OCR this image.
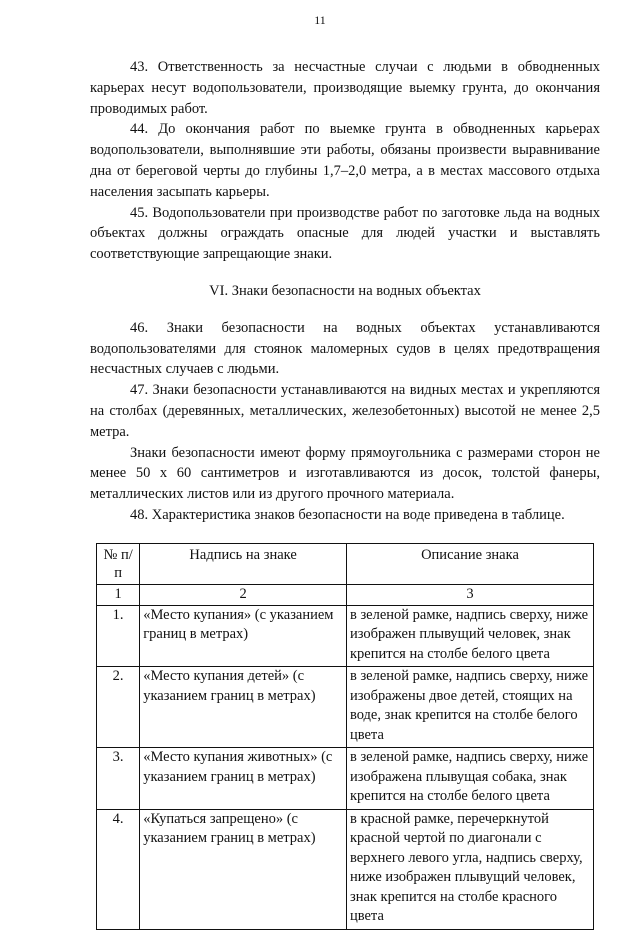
11

43. Ответственность за несчастные случаи с людьми в обводненных карьерах несут водопользователи, производящие выемку грунта, до окончания проводимых работ.

44. До окончания работ по выемке грунта в обводненных карьерах водопользователи, выполнявшие эти работы, обязаны произвести выравнивание дна от береговой черты до глубины 1,7–2,0 метра, а в местах массового отдыха населения засыпать карьеры.

45. Водопользователи при производстве работ по заготовке льда на водных объектах должны ограждать опасные для людей участки и выставлять соответствующие запрещающие знаки.

VI. Знаки безопасности на водных объектах

46. Знаки безопасности на водных объектах устанавливаются водопользователями для стоянок маломерных судов в целях предотвращения несчастных случаев с людьми.

47. Знаки безопасности устанавливаются на видных местах и укрепляются на столбах (деревянных, металлических, железобетонных) высотой не менее 2,5 метра.

Знаки безопасности имеют форму прямоугольника с размерами сторон не менее 50 х 60 сантиметров и изготавливаются из досок, толстой фанеры, металлических листов или из другого прочного материала.

48. Характеристика знаков безопасности на воде приведена в таблице.

№ п/п	Надпись на знаке	Описание знака
1	2	3
1.	«Место купания» (с указанием границ в метрах)	в зеленой рамке, надпись сверху, ниже изображен плывущий человек, знак крепится на столбе белого цвета
2.	«Место купания детей» (с указанием границ в метрах)	в зеленой рамке, надпись сверху, ниже изображены двое детей, стоящих на воде, знак крепится на столбе белого цвета
3.	«Место купания животных» (с указанием границ в метрах)	в зеленой рамке, надпись сверху, ниже изображена плывущая собака, знак крепится на столбе белого цвета
4.	«Купаться запрещено» (с указанием границ в метрах)	в красной рамке, перечеркнутой красной чертой по диагонали с верхнего левого угла, надпись сверху, ниже изображен плывущий человек, знак крепится на столбе красного цвета
